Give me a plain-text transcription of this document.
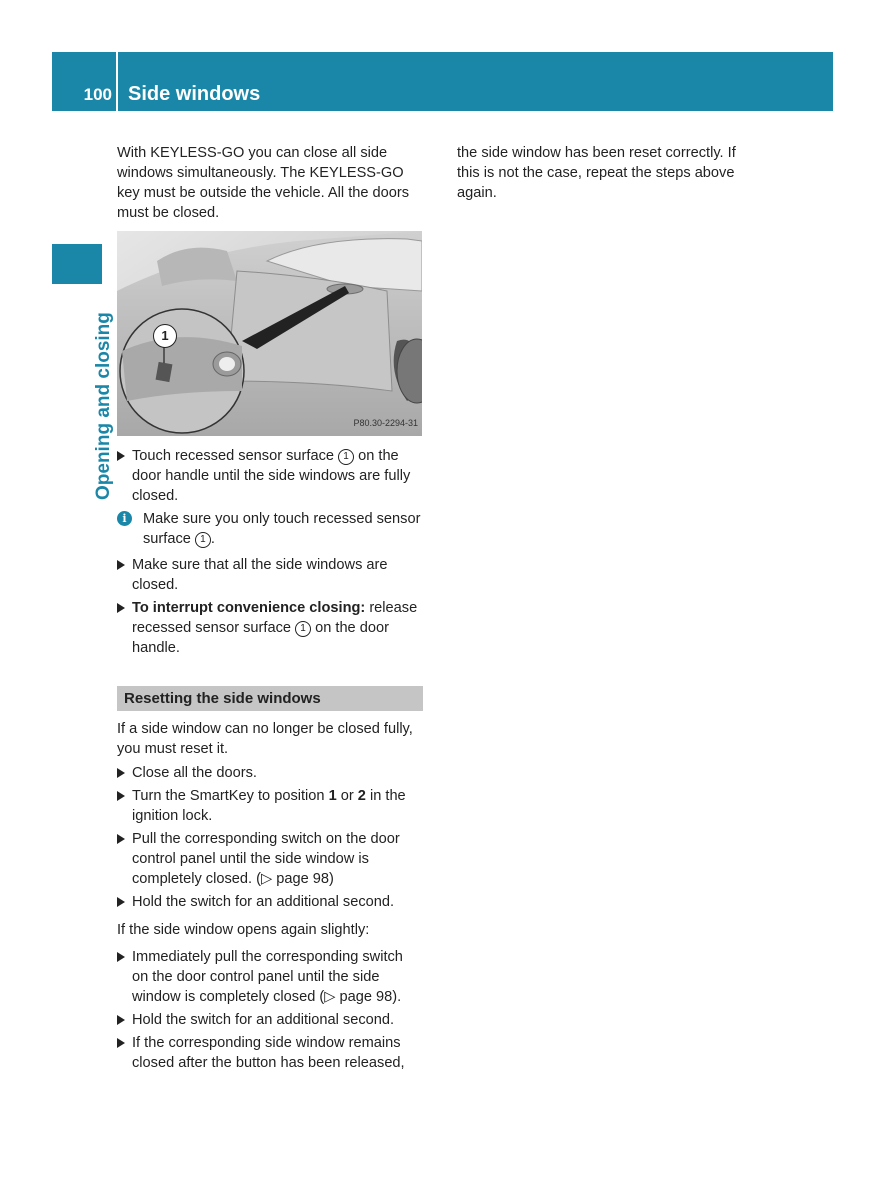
100 Side windows
Opening and closing

With KEYLESS-GO you can close all side windows simultaneously. The KEYLESS-GO key must be outside the vehicle. All the doors must be closed.

1
P80.30-2294-31
Touch recessed sensor surface 1 on the door handle until the side windows are fully closed.
i	Make sure you only touch recessed sensor surface 1 .
Make sure that all the side windows are closed.
To interrupt convenience closing: release recessed sensor surface 1 on the door handle.
Resetting the side windows

If a side window can no longer be closed fully, you must reset it.

Close all the doors.
Turn the SmartKey to position 1 or 2 in the ignition lock.
Pull the corresponding switch on the door control panel until the side window is completely closed. (▷ page 98)
Hold the switch for an additional second.

If the side window opens again slightly:

Immediately pull the corresponding switch on the door control panel until the side window is completely closed (▷ page 98).
Hold the switch for an additional second.
If the corresponding side window remains closed after the button has been released,

the side window has been reset correctly. If this is not the case, repeat the steps above again.
